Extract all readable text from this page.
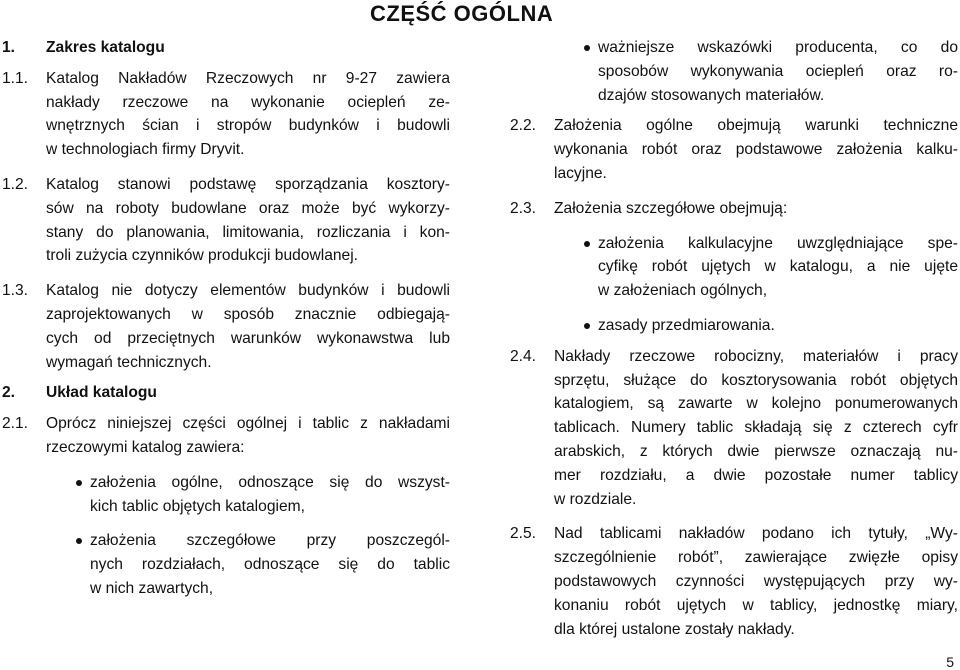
CZĘŚĆ OGÓLNA
1.	Zakres katalogu
1.1.	Katalog Nakładów Rzeczowych nr 9-27 zawiera
nakłady rzeczowe na wykonanie ociepleń ze-
wnętrznych ścian i stropów budynków i budowli
w technologiach firmy Dryvit.
1.2.	Katalog stanowi podstawę sporządzania kosztory-
sów na roboty budowlane oraz może być wykorzy-
stany do planowania, limitowania, rozliczania i kon-
troli zużycia czynników produkcji budowlanej.
1.3.	Katalog nie dotyczy elementów budynków i budowli
zaprojektowanych w sposób znacznie odbiegają-
cych od przeciętnych warunków wykonawstwa lub
wymagań technicznych.
2.	Układ katalogu
2.1.	Oprócz niniejszej części ogólnej i tablic z nakładami
rzeczowymi katalog zawiera:
założenia ogólne, odnoszące się do wszyst-
kich tablic objętych katalogiem,
założenia szczegółowe przy poszczegól-
nych rozdziałach, odnoszące się do tablic
w nich zawartych,
ważniejsze wskazówki producenta, co do
sposobów wykonywania ociepleń oraz ro-
dzajów stosowanych materiałów.
2.2.	Założenia ogólne obejmują warunki techniczne
wykonania robót oraz podstawowe założenia kalku-
lacyjne.
2.3.	Założenia szczegółowe obejmują:
założenia kalkulacyjne uwzględniające spe-
cyfikę robót ujętych w katalogu, a nie ujęte
w założeniach ogólnych,
zasady przedmiarowania.
2.4.	Nakłady rzeczowe robocizny, materiałów i pracy
sprzętu, służące do kosztorysowania robót objętych
katalogiem, są zawarte w kolejno ponumerowanych
tablicach. Numery tablic składają się z czterech cyfr
arabskich, z których dwie pierwsze oznaczają nu-
mer rozdziału, a dwie pozostałe numer tablicy
w rozdziale.
2.5.	Nad tablicami nakładów podano ich tytuły, „Wy-
szczególnienie robót”, zawierające zwięzłe opisy
podstawowych czynności występujących przy wy-
konaniu robót ujętych w tablicy, jednostkę miary,
dla której ustalone zostały nakłady.
5
